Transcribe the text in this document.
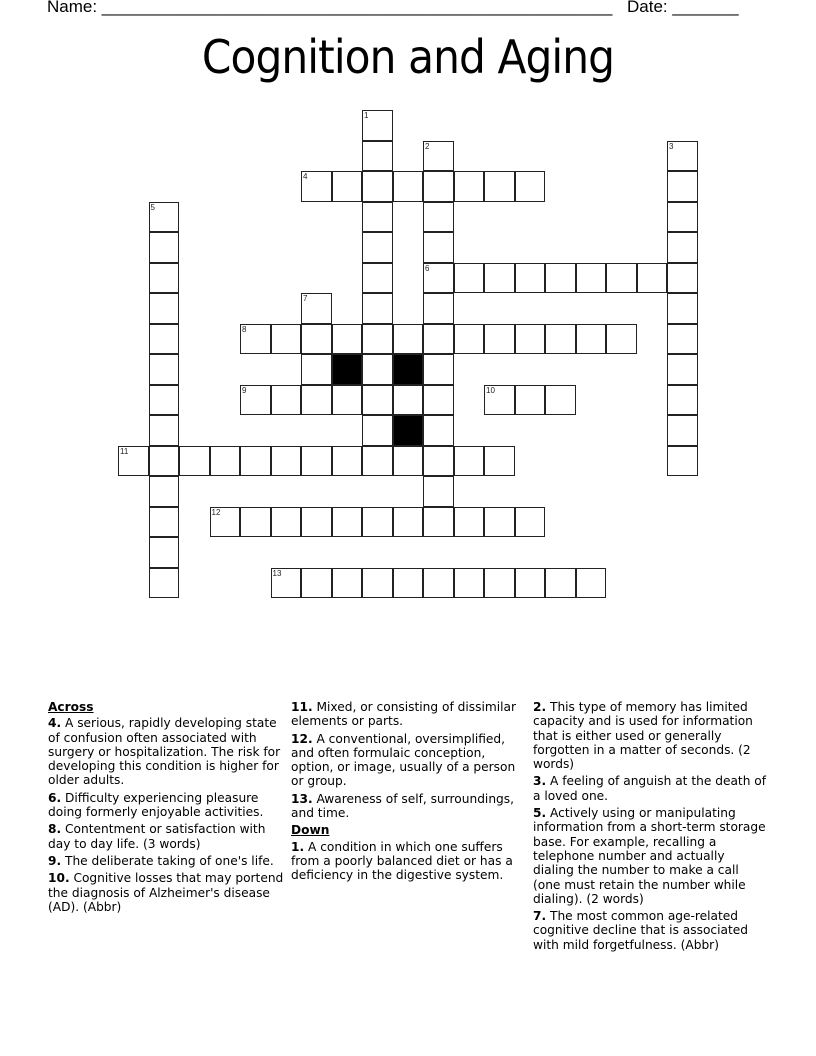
Name: ______________________________________________________ Date: _______
Cognition and Aging
1
2
6
3
4
5
7
8
9	10
11
12
13
Across
4. A serious, rapidly developing state of confusion often associated with surgery or hospitalization. The risk for developing this condition is higher for older adults.
6. Difficulty experiencing pleasure doing formerly enjoyable activities.
8. Contentment or satisfaction with day to day life. (3 words)
9. The deliberate taking of one's life.
10. Cognitive losses that may portend the diagnosis of Alzheimer's disease (AD). (Abbr)
11. Mixed, or consisting of dissimilar elements or parts.
12. A conventional, oversimplified, and often formulaic conception, option, or image, usually of a person or group.
13. Awareness of self, surroundings, and time.
Down
1. A condition in which one suffers from a poorly balanced diet or has a deficiency in the digestive system.
2. This type of memory has limited capacity and is used for information that is either used or generally forgotten in a matter of seconds. (2 words)
3. A feeling of anguish at the death of a loved one.
5. Actively using or manipulating information from a short-term storage base. For example, recalling a telephone number and actually dialing the number to make a call (one must retain the number while dialing). (2 words)
7. The most common age-related cognitive decline that is associated with mild forgetfulness. (Abbr)
